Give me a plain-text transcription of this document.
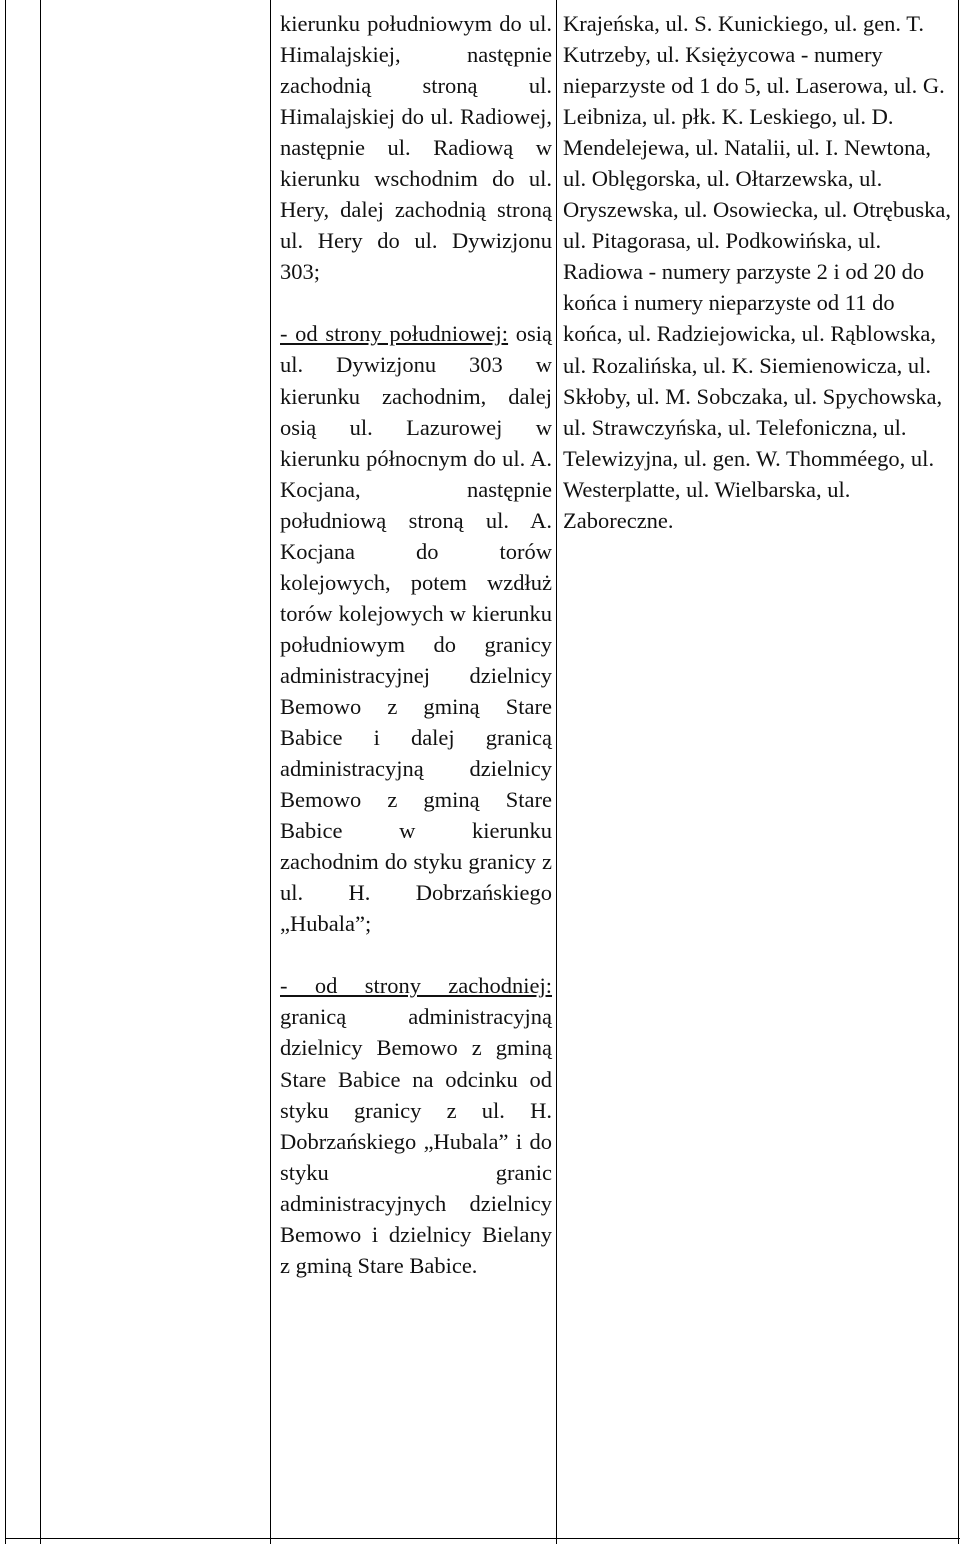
kierunku południowym do ul. Himalajskiej, następnie zachodnią stroną ul. Himalajskiej do ul. Radiowej, następnie ul. Radiową w kierunku wschodnim do ul. Hery, dalej zachodnią stroną ul. Hery do ul. Dywizjonu 303;

- od strony południowej: osią ul. Dywizjonu 303 w kierunku zachodnim, dalej osią ul. Lazurowej w kierunku północnym do ul. A. Kocjana, następnie południową stroną ul. A. Kocjana do torów kolejowych, potem wzdłuż torów kolejowych w kierunku południowym do granicy administracyjnej dzielnicy Bemowo z gminą Stare Babice i dalej granicą administracyjną dzielnicy Bemowo z gminą Stare Babice w kierunku zachodnim do styku granicy z ul. H. Dobrzańskiego „Hubala”;

- od strony zachodniej: granicą administracyjną dzielnicy Bemowo z gminą Stare Babice na odcinku od styku granicy z ul. H. Dobrzańskiego „Hubala” i do styku granic administracyjnych dzielnicy Bemowo i dzielnicy Bielany z gminą Stare Babice.

Krajeńska, ul. S. Kunickiego, ul. gen. T. Kutrzeby, ul. Księżycowa - numery nieparzyste od 1 do 5, ul. Laserowa, ul. G. Leibniza, ul. płk. K. Leskiego, ul. D. Mendelejewa, ul. Natalii, ul. I. Newtona, ul. Oblęgorska, ul. Ołtarzewska, ul. Oryszewska, ul. Osowiecka, ul. Otrębuska, ul. Pitagorasa, ul. Podkowińska, ul. Radiowa - numery parzyste 2 i od 20 do końca i numery nieparzyste od 11 do końca, ul. Radziejowicka, ul. Rąblowska, ul. Rozalińska, ul. K. Siemienowicza, ul. Skłoby, ul. M. Sobczaka, ul. Spychowska, ul. Strawczyńska, ul. Telefoniczna, ul. Telewizyjna, ul. gen. W. Thomméego, ul. Westerplatte, ul. Wielbarska, ul. Zaboreczne.
